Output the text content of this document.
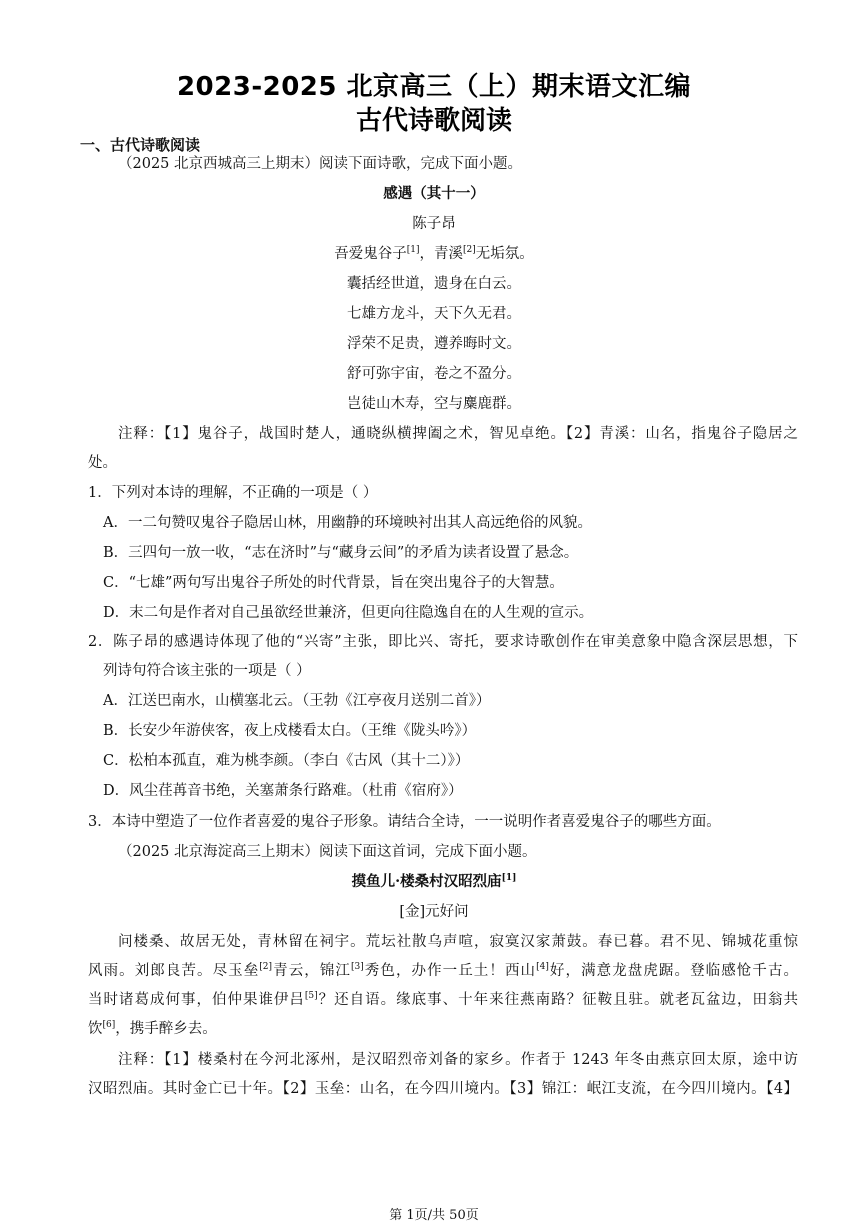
2023-2025 北京高三（上）期末语文汇编
古代诗歌阅读
一、古代诗歌阅读
（2025 北京西城高三上期末）阅读下面诗歌，完成下面小题。
感遇（其十一）
陈子昂
吾爱鬼谷子[1]，青溪[2]无垢氛。
囊括经世道，遗身在白云。
七雄方龙斗，天下久无君。
浮荣不足贵，遵养晦时文。
舒可弥宇宙，卷之不盈分。
岂徒山木寿，空与麋鹿群。
注释：【1】鬼谷子，战国时楚人，通晓纵横捭阖之术，智见卓绝。【2】青溪：山名，指鬼谷子隐居之
处。
1．下列对本诗的理解，不正确的一项是（ ）
A．一二句赞叹鬼谷子隐居山林，用幽静的环境映衬出其人高远绝俗的风貌。
B．三四句一放一收，“志在济时”与“藏身云间”的矛盾为读者设置了悬念。
C．“七雄”两句写出鬼谷子所处的时代背景，旨在突出鬼谷子的大智慧。
D．末二句是作者对自己虽欲经世兼济，但更向往隐逸自在的人生观的宣示。
2．陈子昂的感遇诗体现了他的“兴寄”主张，即比兴、寄托，要求诗歌创作在审美意象中隐含深层思想，下
列诗句符合该主张的一项是（ ）
A．江送巴南水，山横塞北云。（王勃《江亭夜月送别二首》）
B．长安少年游侠客，夜上戍楼看太白。（王维《陇头吟》）
C．松柏本孤直，难为桃李颜。（李白《古风（其十二）》）
D．风尘荏苒音书绝，关塞萧条行路难。（杜甫《宿府》）
3．本诗中塑造了一位作者喜爱的鬼谷子形象。请结合全诗，一一说明作者喜爱鬼谷子的哪些方面。
（2025 北京海淀高三上期末）阅读下面这首词，完成下面小题。
摸鱼儿·楼桑村汉昭烈庙[1]
[金]元好问
问楼桑、故居无处，青林留在祠宇。荒坛社散乌声喧，寂寞汉家萧鼓。春已暮。君不见、锦城花重惊
风雨。刘郎良苦。尽玉垒[2]青云，锦江[3]秀色，办作一丘土！西山[4]好，满意龙盘虎踞。登临感怆千古。
当时诸葛成何事，伯仲果谁伊吕[5]？还自语。缘底事、十年来往燕南路？征鞍且驻。就老瓦盆边，田翁共
饮[6]，携手醉乡去。
注释：【1】楼桑村在今河北涿州，是汉昭烈帝刘备的家乡。作者于 1243 年冬由燕京回太原，途中访
汉昭烈庙。其时金亡已十年。【2】玉垒：山名，在今四川境内。【3】锦江：岷江支流，在今四川境内。【4】
第 1页/共 50页
